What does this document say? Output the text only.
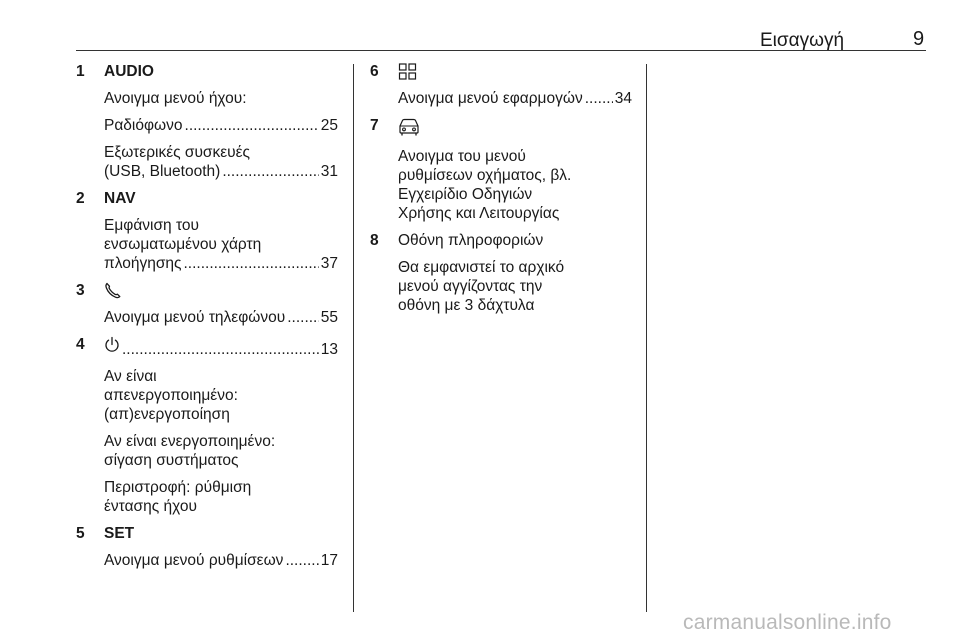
Εισαγωγή	9
1 AUDIO
Ανοιγμα μενού ήχου:
Ραδιόφωνο .....	25
Εξωτερικές συσκευές
(USB, Bluetooth) .....	31
2 NAV
Εμφάνιση του
ενσωματωμένου χάρτη
πλοήγησης .....	37
3
Ανοιγμα μενού τηλεφώνου ..... 55
4 .....	13
Αν είναι
απενεργοποιημένο:
(απ)ενεργοποίηση
Αν είναι ενεργοποιημένο:
σίγαση συστήματος
Περιστροφή: ρύθμιση
έντασης ήχου
5 SET
Ανοιγμα μενού ρυθμίσεων ..... 17
6
Ανοιγμα μενού εφαρμογών ..... 34
7
Ανοιγμα του μενού
ρυθμίσεων οχήματος, βλ.
Εγχειρίδιο Οδηγιών
Χρήσης και Λειτουργίας
8 Οθόνη πληροφοριών
Θα εμφανιστεί το αρχικό
μενού αγγίζοντας την
οθόνη με 3 δάχτυλα
carmanualsonline.info
